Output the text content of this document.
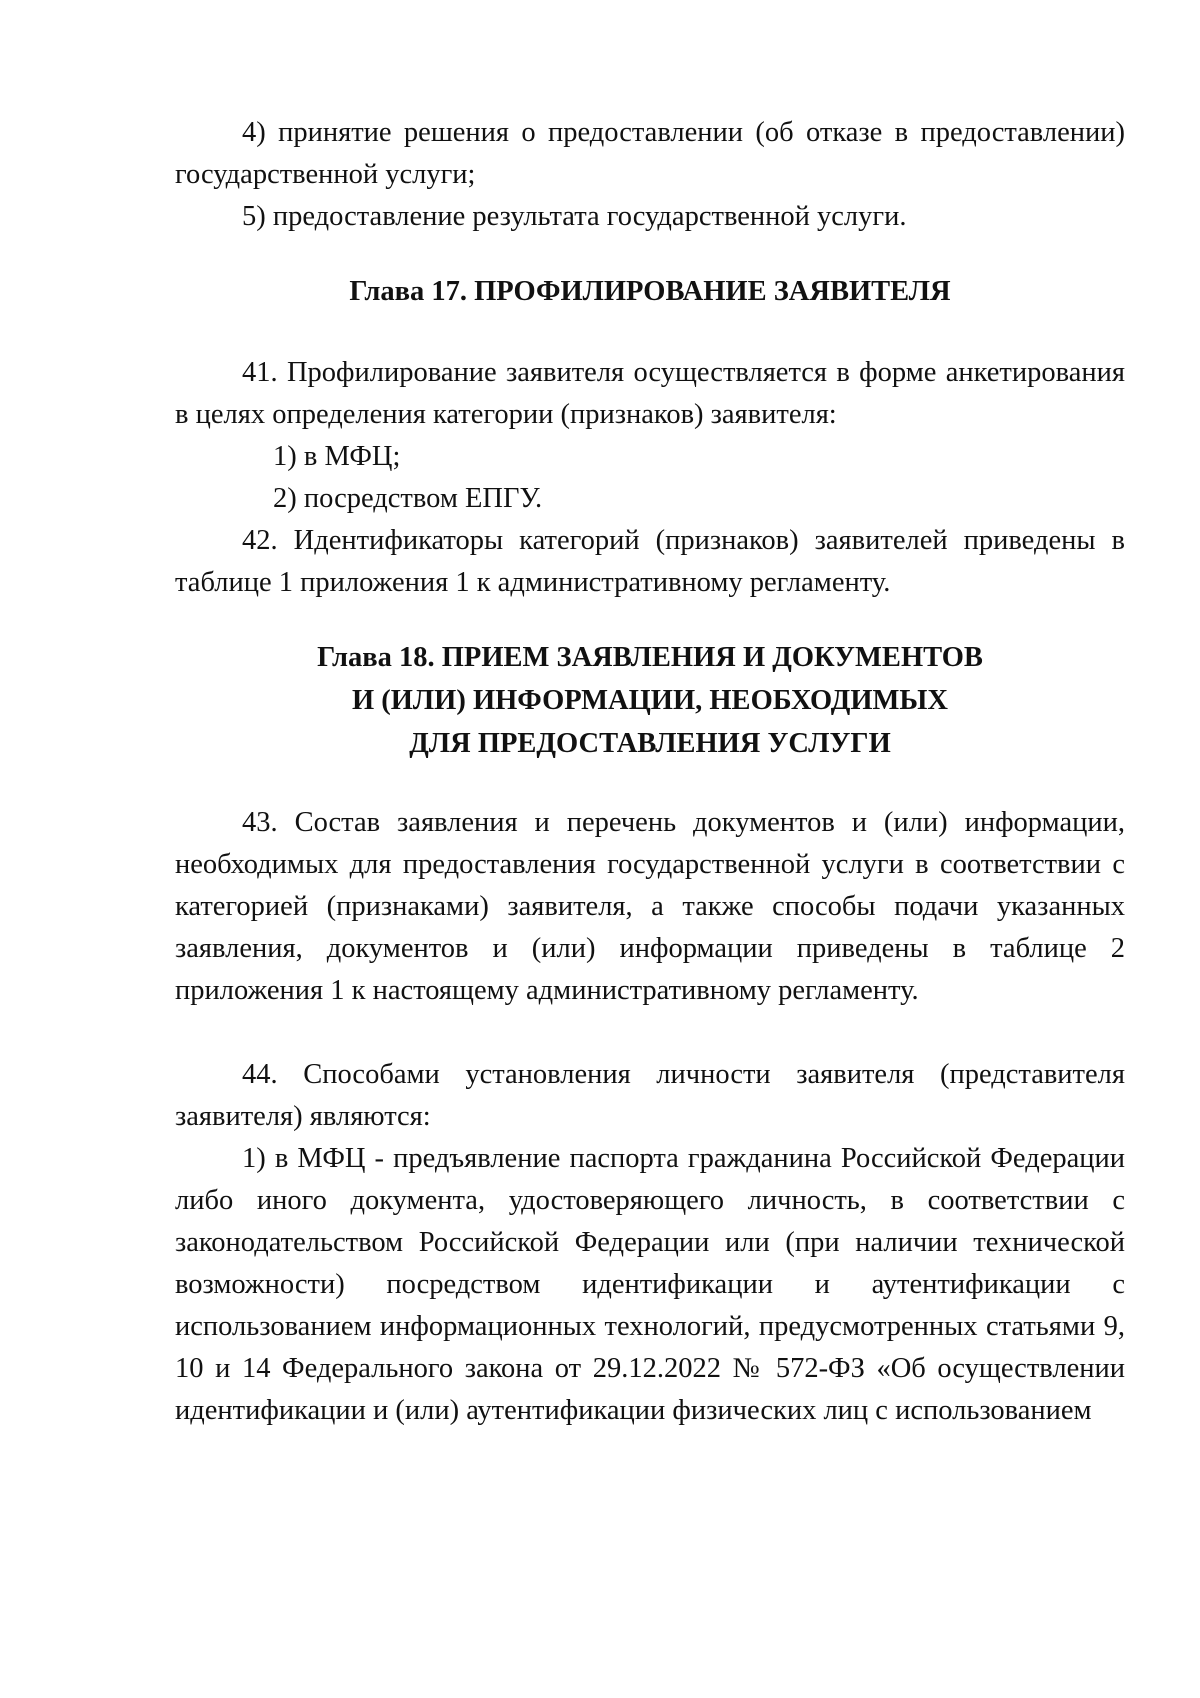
4) принятие решения о предоставлении (об отказе в предоставлении) государственной услуги;

5) предоставление результата государственной услуги.

Глава 17. ПРОФИЛИРОВАНИЕ ЗАЯВИТЕЛЯ

41. Профилирование заявителя осуществляется в форме анкетирования в целях определения категории (признаков) заявителя:

1) в МФЦ;

2) посредством ЕПГУ.

42. Идентификаторы категорий (признаков) заявителей приведены в таблице 1 приложения 1 к административному регламенту.

Глава 18. ПРИЕМ ЗАЯВЛЕНИЯ И ДОКУМЕНТОВ
И (ИЛИ) ИНФОРМАЦИИ, НЕОБХОДИМЫХ
ДЛЯ ПРЕДОСТАВЛЕНИЯ УСЛУГИ

43. Состав заявления и перечень документов и (или) информации, необходимых для предоставления государственной услуги в соответствии с категорией (признаками) заявителя, а также способы подачи указанных заявления, документов и (или) информации приведены в таблице 2 приложения 1 к настоящему административному регламенту.

44. Способами установления личности заявителя (представителя заявителя) являются:

1) в МФЦ - предъявление паспорта гражданина Российской Федерации либо иного документа, удостоверяющего личность, в соответствии с законодательством Российской Федерации или (при наличии технической возможности) посредством идентификации и аутентификации с использованием информационных технологий, предусмотренных статьями 9, 10 и 14 Федерального закона от 29.12.2022 № 572-ФЗ «Об осуществлении идентификации и (или) аутентификации физических лиц с использованием
